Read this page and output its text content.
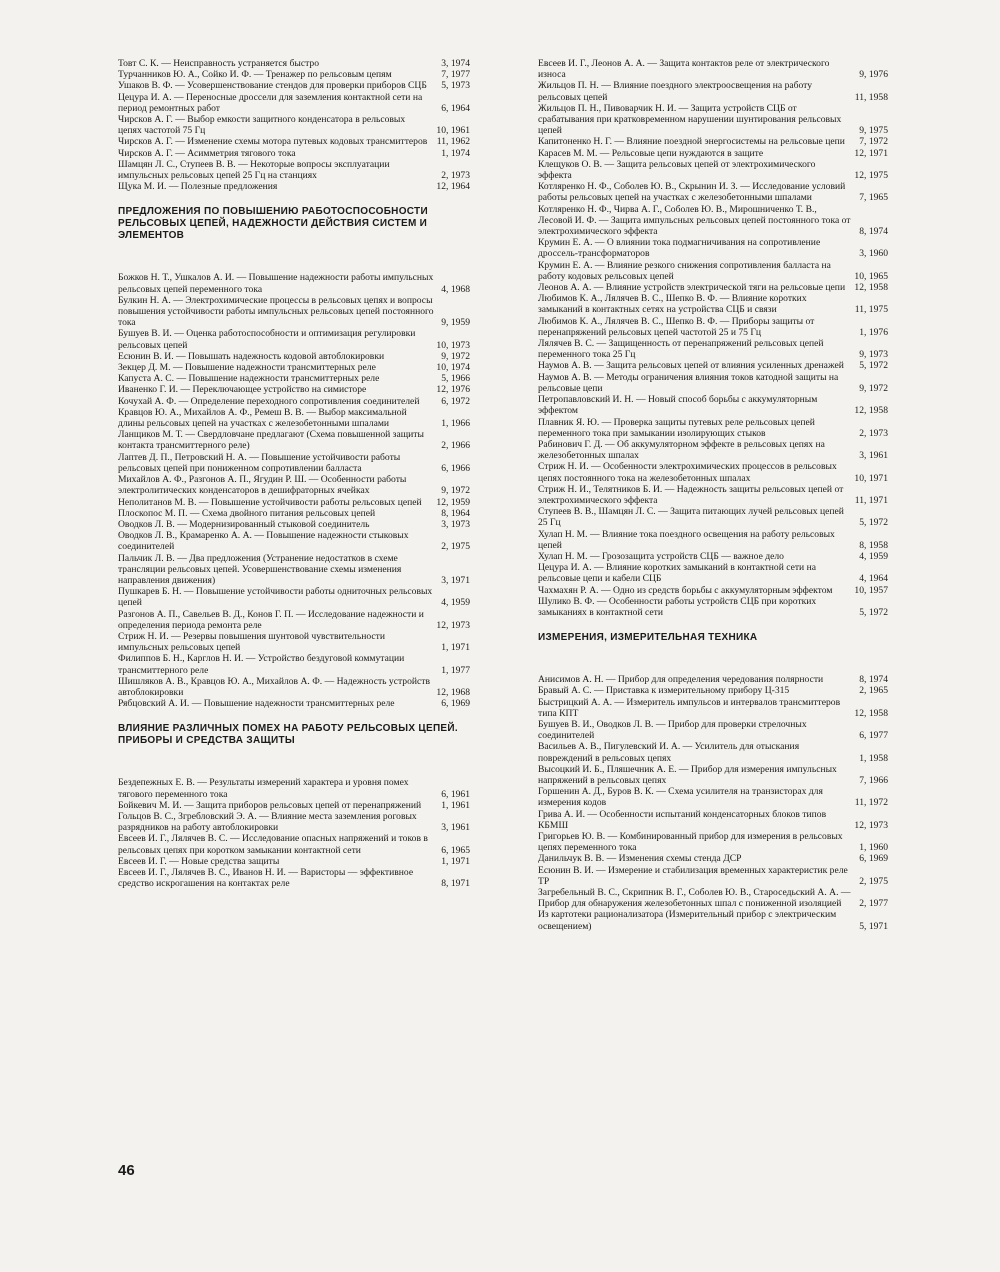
Товт С. К. — Неисправность устраняется быстро	3, 1974
Турчанников Ю. А., Сойко И. Ф. — Тренажер по рельсовым цепям	7, 1977
Ушаков В. Ф. — Усовершенствование стендов для проверки приборов СЦБ	5, 1973
Цецура И. А. — Переносные дроссели для заземления контактной сети на период ремонтных работ	6, 1964
Чирсков А. Г. — Выбор емкости защитного конденсатора в рельсовых цепях частотой 75 Гц	10, 1961
Чирсков А. Г. — Изменение схемы мотора путевых кодовых трансмиттеров 11, 1962
Чирсков А. Г. — Асимметрия тягового тока	1, 1974
Шамцян Л. С., Ступеев В. В. — Некоторые вопросы эксплуатации импульсных рельсовых цепей 25 Гц на станциях	2, 1973
Щука М. И. — Полезные предложения	12, 1964
ПРЕДЛОЖЕНИЯ ПО ПОВЫШЕНИЮ РАБОТОСПОСОБНОСТИ РЕЛЬСОВЫХ ЦЕПЕЙ, НАДЕЖНОСТИ ДЕЙСТВИЯ СИСТЕМ И ЭЛЕМЕНТОВ
Божков Н. Т., Ушкалов А. И. — Повышение надежности работы импульсных рельсовых цепей переменного тока	4, 1968
Булкин Н. А. — Электрохимические процессы в рельсовых цепях и вопросы повышения устойчивости работы импульсных рельсовых цепей постоянного тока	9, 1959
Бушуев В. И. — Оценка работоспособности и оптимизация регулировки рельсовых цепей	10, 1973
Есюнин В. И. — Повышать надежность кодовой автоблокировки	9, 1972
Зекцер Д. М. — Повышение надежности трансмиттерных реле	10, 1974
Капуста А. С. — Повышение надежности трансмиттерных реле	5, 1966
Иваненко Г. И. — Переключающее устройство на симисторе	12, 1976
Кочухай А. Ф. — Определение переходного сопротивления соединителей	6, 1972
Кравцов Ю. А., Михайлов А. Ф., Ремеш В. В. — Выбор максимальной длины рельсовых цепей на участках с железобетонными шпалами	1, 1966
Ланщиков М. Т. — Свердловчане предлагают (Схема повышенной защиты контакта трансмиттерного реле)	2, 1966
Лаптев Д. П., Петровский Н. А. — Повышение устойчивости работы рельсовых цепей при пониженном сопротивлении балласта	6, 1966
Михайлов А. Ф., Разгонов А. П., Ягудин Р. Ш. — Особенности работы электролитических конденсаторов в дешифраторных ячейках	9, 1972
Неполитанов М. В. — Повышение устойчивости работы рельсовых цепей	12, 1959
Плоскопос М. П. — Схема двойного питания рельсовых цепей	8, 1964
Оводков Л. В. — Модернизированный стыковой соединитель	3, 1973
Оводков Л. В., Крамаренко А. А. — Повышение надежности стыковых соединителей	2, 1975
Пальчик Л. В. — Два предложения (Устранение недостатков в схеме трансляции рельсовых цепей. Усовершенствование схемы изменения направления движения)	3, 1971
Пушкарев Б. Н. — Повышение устойчивости работы одниточных рельсовых цепей	4, 1959
Разгонов А. П., Савельев В. Д., Конов Г. П. — Исследование надежности и определения периода ремонта реле	12, 1973
Стриж Н. И. — Резервы повышения шунтовой чувствительности импульсных рельсовых цепей	1, 1971
Филиппов Б. Н., Карглов Н. И. — Устройство бездуговой коммутации трансмиттерного реле	1, 1977
Шишляков А. В., Кравцов Ю. А., Михайлов А. Ф. — Надежность устройств автоблокировки	12, 1968
Рябцовский А. И. — Повышение надежности трансмиттерных реле	6, 1969
ВЛИЯНИЕ РАЗЛИЧНЫХ ПОМЕХ НА РАБОТУ РЕЛЬСОВЫХ ЦЕПЕЙ. ПРИБОРЫ И СРЕДСТВА ЗАЩИТЫ
Бездепежных Е. В. — Результаты измерений характера и уровня помех тягового переменного тока	6, 1961
Бойкевич М. И. — Защита приборов рельсовых цепей от перенапряжений	1, 1961
Гольцов В. С., Згребловский Э. А. — Влияние места заземления роговых разрядников на работу автоблокировки	3, 1961
Евсеев И. Г., Лялячев В. С. — Исследование опасных напряжений и токов в рельсовых цепях при коротком замыкании контактной сети	6, 1965
Евсеев И. Г. — Новые средства защиты	1, 1971
Евсеев И. Г., Лялячев В. С., Иванов Н. И. — Варисторы — эффективное средство искрогашения на контактах реле	8, 1971
Евсеев И. Г., Леонов А. А. — Защита контактов реле от электрического износа	9, 1976
Жильцов П. Н. — Влияние поездного электроосвещения на работу рельсовых цепей	11, 1958
Жильцов П. Н., Пивоварчик Н. И. — Защита устройств СЦБ от срабатывания при кратковременном нарушении шунтирования рельсовых цепей	9, 1975
Капитоненко Н. Г. — Влияние поездной энергосистемы на рельсовые цепи	7, 1972
Карасев М. М. — Рельсовые цепи нуждаются в защите	12, 1971
Клещуков О. В. — Защита рельсовых цепей от электрохимического эффекта	12, 1975
Котляренко Н. Ф., Соболев Ю. В., Скрынин И. З. — Исследование условий работы рельсовых цепей на участках с железобетонными шпалами	7, 1965
Котляренко Н. Ф., Чирва А. Г., Соболев Ю. В., Мирошниченко Т. В., Лесовой И. Ф. — Защита импульсных рельсовых цепей постоянного тока от электрохимического эффекта	8, 1974
Крумин Е. А. — О влиянии тока подмагничивания на сопротивление дроссель-трансформаторов	3, 1960
Крумин Е. А. — Влияние резкого снижения сопротивления балласта на работу кодовых рельсовых цепей	10, 1965
Леонов А. А. — Влияние устройств электрической тяги на рельсовые цепи 12, 1958
Любимов К. А., Лялячев В. С., Шепко В. Ф. — Влияние коротких замыканий в контактных сетях на устройства СЦБ и связи	11, 1975
Любимов К. А., Лялячев В. С., Шепко В. Ф. — Приборы защиты от перенапряжений рельсовых цепей частотой 25 и 75 Гц	1, 1976
Лялячев В. С. — Защищенность от перенапряжений рельсовых цепей переменного тока 25 Гц	9, 1973
Наумов А. В. — Защита рельсовых цепей от влияния усиленных дренажей	5, 1972
Наумов А. В. — Методы ограничения влияния токов катодной защиты на рельсовые цепи	9, 1972
Петропавловский И. Н. — Новый способ борьбы с аккумуляторным эффектом	12, 1958
Плавник Я. Ю. — Проверка защиты путевых реле рельсовых цепей переменного тока при замыкании изолирующих стыков	2, 1973
Рабинович Г. Д. — Об аккумуляторном эффекте в рельсовых цепях на железобетонных шпалах	3, 1961
Стриж Н. И. — Особенности электрохимических процессов в рельсовых цепях постоянного тока на железобетонных шпалах	10, 1971
Стриж Н. И., Телятников Б. И. — Надежность защиты рельсовых цепей от электрохимического эффекта	11, 1971
Ступеев В. В., Шамцян Л. С. — Защита питающих лучей рельсовых цепей 25 Гц	5, 1972
Хулап Н. М. — Влияние тока поездного освещения на работу рельсовых цепей	8, 1958
Хулап Н. М. — Грозозащита устройств СЦБ — важное дело	4, 1959
Цецура И. А. — Влияние коротких замыканий в контактной сети на рельсовые цепи и кабели СЦБ	4, 1964
Чахмахян Р. А. — Одно из средств борьбы с аккумуляторным эффектом	10, 1957
Шулико В. Ф. — Особенности работы устройств СЦБ при коротких замыканиях в контактной сети	5, 1972
ИЗМЕРЕНИЯ, ИЗМЕРИТЕЛЬНАЯ ТЕХНИКА
Анисимов А. Н. — Прибор для определения чередования полярности	8, 1974
Бравый А. С. — Приставка к измерительному прибору Ц-315	2, 1965
Быстрицкий А. А. — Измеритель импульсов и интервалов трансмиттеров типа КПТ	12, 1958
Бушуев В. И., Оводков Л. В. — Прибор для проверки стрелочных соединителей	6, 1977
Васильев А. В., Пигулевский И. А. — Усилитель для отыскания повреждений в рельсовых цепях	1, 1958
Высоцкий И. Б., Пляшечник А. Е. — Прибор для измерения импульсных напряжений в рельсовых цепях	7, 1966
Горшенин А. Д., Буров В. К. — Схема усилителя на транзисторах для измерения кодов	11, 1972
Грива А. И. — Особенности испытаний конденсаторных блоков типов КБМШ	12, 1973
Григорьев Ю. В. — Комбинированный прибор для измерения в рельсовых цепях переменного тока	1, 1960
Данильчук В. В. — Изменения схемы стенда ДСР	6, 1969
Есюнин В. И. — Измерение и стабилизация временных характеристик реле ТР	2, 1975
Загребельный В. С., Скрипник В. Г., Соболев Ю. В., Староседьский А. А. — Прибор для обнаружения железобетонных шпал с пониженной изоляцией	2, 1977
Из картотеки рационализатора (Измерительный прибор с электрическим освещением)	5, 1971
46
